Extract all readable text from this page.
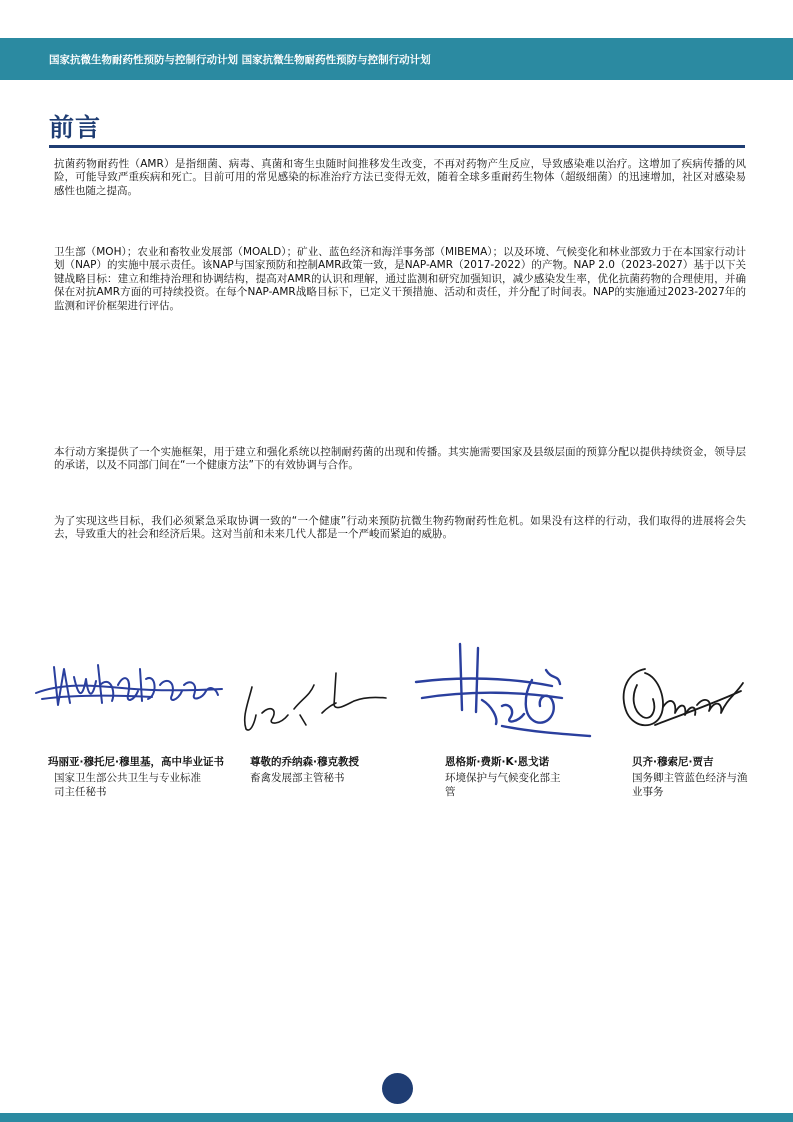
国家抗微生物耐药性预防与控制行动计划 国家抗微生物耐药性预防与控制行动计划
前言

抗菌药物耐药性（AMR）是指细菌、病毒、真菌和寄生虫随时间推移发生改变，不再对药物产生反应，导致感染难以治疗。这增加了疾病传播的风险，可能导致严重疾病和死亡。目前可用的常见感染的标准治疗方法已变得无效，随着全球多重耐药生物体（超级细菌）的迅速增加，社区对感染易感性也随之提高。

卫生部（MOH）；农业和畜牧业发展部（MOALD）；矿业、蓝色经济和海洋事务部（MIBEMA）；以及环境、气候变化和林业部致力于在本国家行动计划（NAP）的实施中展示责任。该NAP与国家预防和控制AMR政策一致，是NAP-AMR（2017-2022）的产物。NAP 2.0（2023-2027）基于以下关键战略目标：建立和维持治理和协调结构，提高对AMR的认识和理解，通过监测和研究加强知识，减少感染发生率，优化抗菌药物的合理使用，并确保在对抗AMR方面的可持续投资。在每个NAP-AMR战略目标下，已定义干预措施、活动和责任，并分配了时间表。NAP的实施通过2023-2027年的监测和评价框架进行评估。

本行动方案提供了一个实施框架，用于建立和强化系统以控制耐药菌的出现和传播。其实施需要国家及县级层面的预算分配以提供持续资金，领导层的承诺，以及不同部门间在“一个健康方法”下的有效协调与合作。

为了实现这些目标，我们必须紧急采取协调一致的“一个健康”行动来预防抗微生物药物耐药性危机。如果没有这样的行动，我们取得的进展将会失去，导致重大的社会和经济后果。这对当前和未来几代人都是一个严峻而紧迫的威胁。

玛丽亚·穆托尼·穆里基，高中毕业证书
国家卫生部公共卫生与专业标准司主任秘书
尊敬的乔纳森·穆克教授
畜禽发展部主管秘书
恩格斯·费斯·K·恩戈诺
环境保护与气候变化部主管
贝齐·穆索尼·贾吉
国务卿主管蓝色经济与渔业事务
